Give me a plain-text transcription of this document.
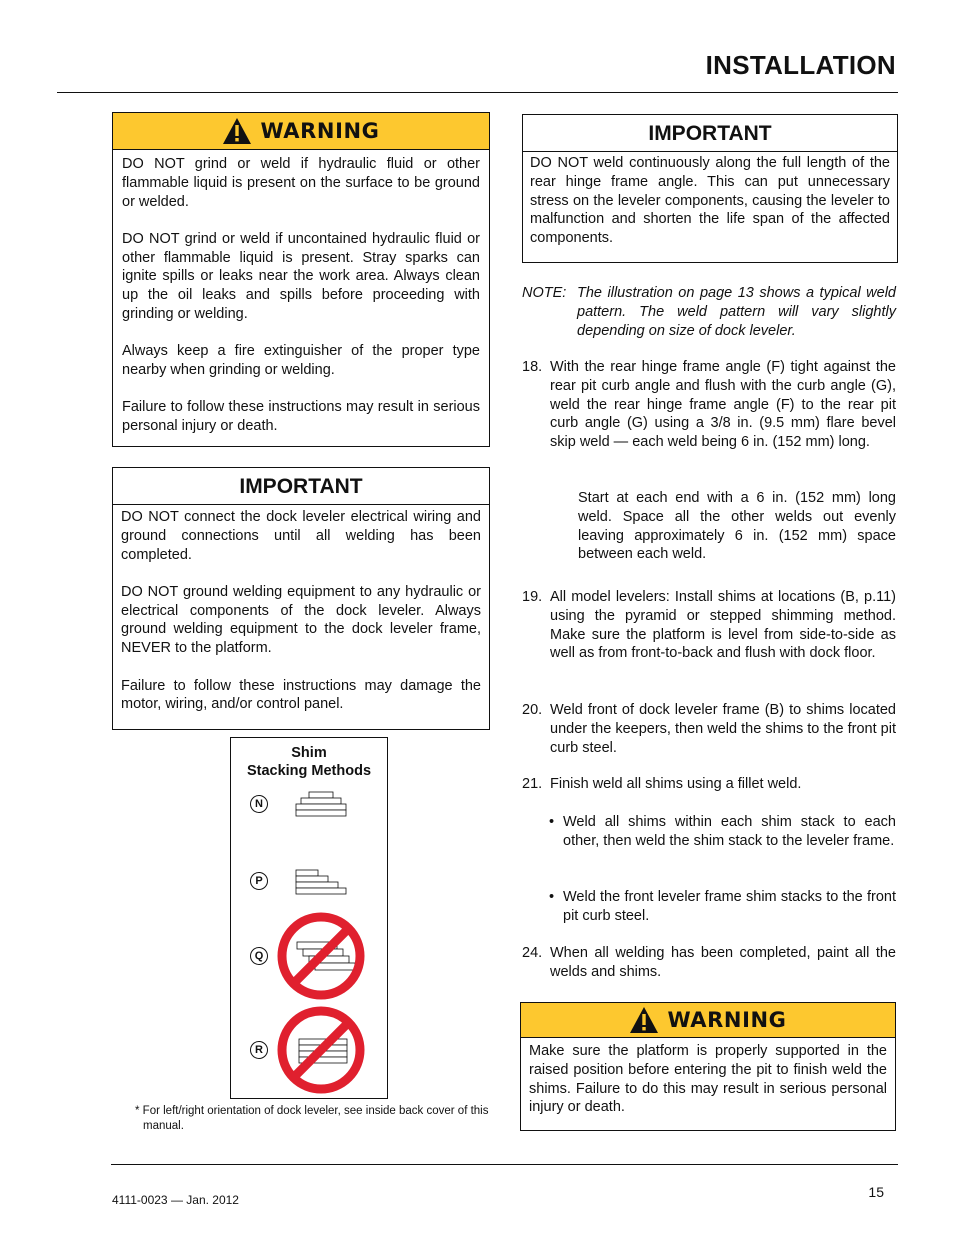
INSTALLATION
WARNING

DO NOT grind or weld if hydraulic fluid or other flammable liquid is present on the surface to be ground or welded.

DO NOT grind or weld if uncontained hydraulic fluid or other flammable liquid is present. Stray sparks can ignite spills or leaks near the work area. Always clean up the oil leaks and spills before proceeding with grinding or welding.

Always keep a fire extinguisher of the proper type nearby when grinding or welding.

Failure to follow these instructions may result in serious personal injury or death.

IMPORTANT

DO NOT connect the dock leveler electrical wiring and ground connections until all welding has been completed.

DO NOT ground welding equipment to any hydraulic or electrical components of the dock leveler. Always ground welding equipment to the dock leveler frame, NEVER to the platform.

Failure to follow these instructions may damage the motor, wiring, and/or control panel.

Shim
Stacking Methods
N
P
Q
R
* For left/right orientation of dock leveler, see inside back cover of this manual.
IMPORTANT

DO NOT weld continuously along the full length of the rear hinge frame angle. This can put unnecessary stress on the leveler components, causing the leveler to malfunction and shorten the life span of the affected components.

NOTE: The illustration on page 13 shows a typical weld pattern. The weld pattern will vary slightly depending on size of dock leveler.
18. With the rear hinge frame angle (F) tight against the rear pit curb angle and flush with the curb angle (G), weld the rear hinge frame angle (F) to the rear pit curb angle (G) using a 3/8 in. (9.5 mm) flare bevel skip weld — each weld being 6 in. (152 mm) long.
Start at each end with a 6 in. (152 mm) long weld. Space all the other welds out evenly leaving approximately 6 in. (152 mm) space between each weld.
19. All model levelers: Install shims at locations (B, p.11) using the pyramid or stepped shimming method. Make sure the platform is level from side-to-side as well as from front-to-back and flush with dock floor.
20. Weld front of dock leveler frame (B) to shims located under the keepers, then weld the shims to the front pit curb steel.
21. Finish weld all shims using a fillet weld.
• Weld all shims within each shim stack to each other, then weld the shim stack to the leveler frame.
• Weld the front leveler frame shim stacks to the front pit curb steel.
24. When all welding has been completed, paint all the welds and shims.
WARNING

Make sure the platform is properly supported in the raised position before entering the pit to finish weld the shims. Failure to do this may result in serious personal injury or death.

15
4111-0023 — Jan. 2012
